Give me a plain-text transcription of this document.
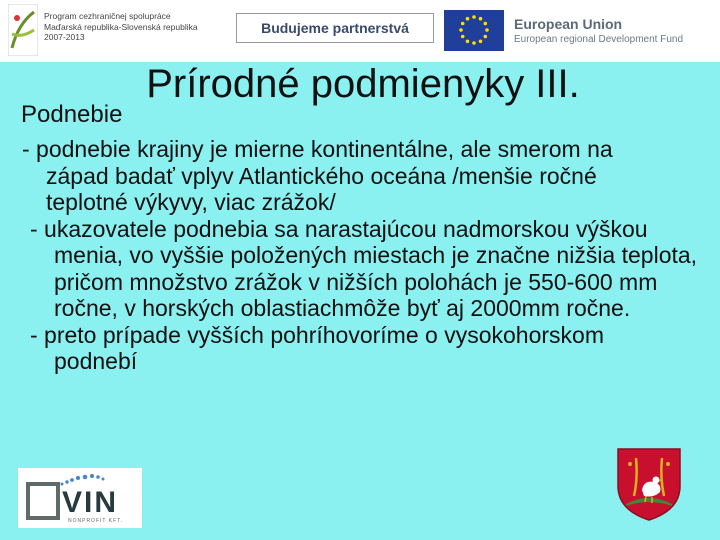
Program cezhraničnej spolupráce
Maďarská republika-Slovenská republika
2007-2013
Budujeme partnerstvá	European Union
European regional Development Fund
Prírodné podmienyky III.
Podnebie

- podnebie krajiny je mierne kontinentálne, ale smerom na západ badať vplyv Atlantického oceána /menšie ročné teplotné výkyvy, viac zrážok/

- ukazovatele podnebia sa narastajúcou nadmorskou výškou menia, vo vyššie položených miestach je značne nižšia teplota, pričom množstvo zrážok v nižších polohách je 550-600 mm ročne, v horských oblastiachmôže byť aj 2000mm ročne.

- preto prípade vyšších pohríhovoríme o vysokohorskom podnebí

VIN
NONPROFIT KFT.
